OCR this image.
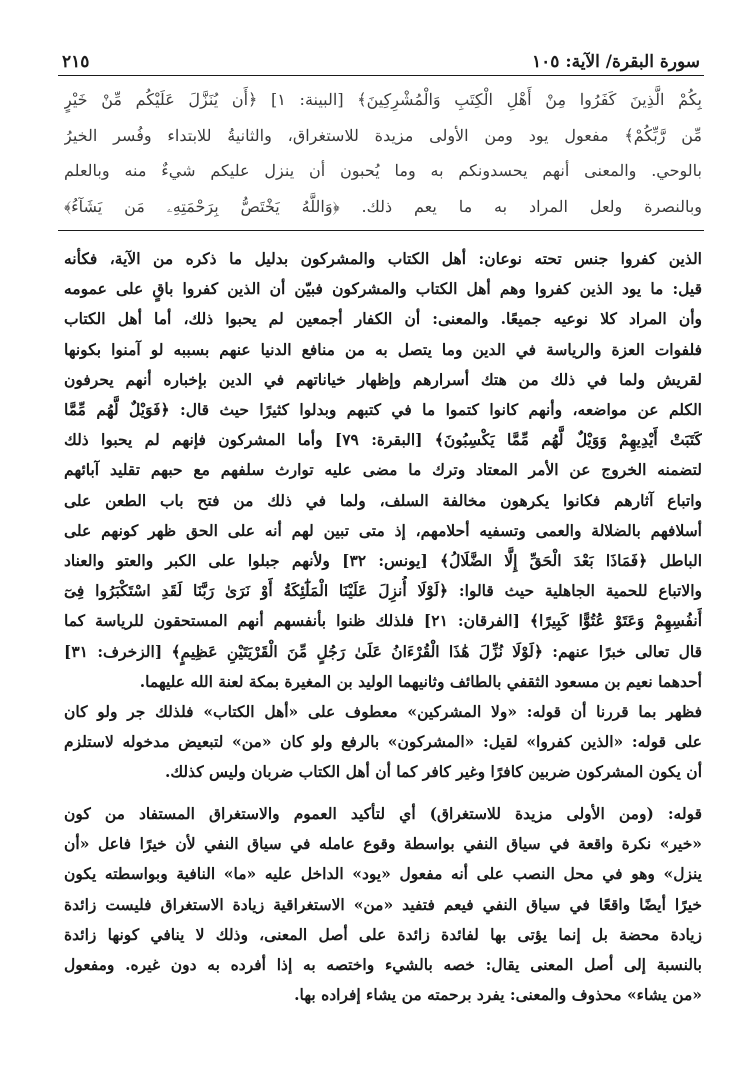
سورة البقرة/ الآية: ١٠٥
٢١٥
بِكُمْ الَّذِينَ كَفَرُوا مِنْ أَهْلِ الْكِتَبِ وَالْمُشْرِكِينَ﴾ [البينة: ١] ﴿أَن يُنَزَّلَ عَلَيْكُم مِّنْ خَيْرٍ
مِّن رَّبِّكُمْ﴾ مفعول يود ومن الأولى مزيدة للاستغراق، والثانيةُ للابتداء وفُسر الخيرُ
بالوحي. والمعنى أنهم يحسدونكم به وما يُحبون أن ينزل عليكم شيءٌ منه وبالعلم
وبالنصرة ولعل المراد به ما يعم ذلك. ﴿وَاللَّهُ يَخْتَصُّ بِرَحْمَتِهِۦ مَن يَشَآءُ﴾
الذين كفروا جنس تحته نوعان: أهل الكتاب والمشركون بدليل ما ذكره من الآية، فكأنه
قيل: ما يود الذين كفروا وهم أهل الكتاب والمشركون فبيّن أن الذين كفروا باقٍ على عمومه
وأن المراد كلا نوعيه جميعًا. والمعنى: أن الكفار أجمعين لم يحبوا ذلك، أما أهل الكتاب
فلفوات العزة والرياسة في الدين وما يتصل به من منافع الدنيا عنهم بسببه لو آمنوا بكونها
لقريش ولما في ذلك من هتك أسرارهم وإظهار خياناتهم في الدين بإخباره أنهم يحرفون
الكلم عن مواضعه، وأنهم كانوا كتموا ما في كتبهم وبدلوا كثيرًا حيث قال: ﴿فَوَيْلٌ لَّهُم مِّمَّا
كَتَبَتْ أَيْدِيهِمْ وَوَيْلٌ لَّهُم مِّمَّا يَكْسِبُونَ﴾ [البقرة: ٧٩] وأما المشركون فإنهم لم يحبوا ذلك
لتضمنه الخروج عن الأمر المعتاد وترك ما مضى عليه توارث سلفهم مع حبهم تقليد آبائهم
واتباع آثارهم فكانوا يكرهون مخالفة السلف، ولما في ذلك من فتح باب الطعن على
أسلافهم بالضلالة والعمى وتسفيه أحلامهم، إذ متى تبين لهم أنه على الحق ظهر كونهم على
الباطل ﴿فَمَاذَا بَعْدَ الْحَقِّ إِلَّا الضَّلَالُ﴾ [يونس: ٣٢] ولأنهم جبلوا على الكبر والعتو والعناد
والاتباع للحمية الجاهلية حيث قالوا: ﴿لَوْلَا أُنزِلَ عَلَيْنَا الْمَلَٰٓئِكَةُ أَوْ نَرَىٰ رَبَّنَا لَقَدِ اسْتَكْبَرُوا فِىٓ
أَنفُسِهِمْ وَعَتَوْ عُتُوًّا كَبِيرًا﴾ [الفرقان: ٢١] فلذلك ظنوا بأنفسهم أنهم المستحقون للرياسة كما
قال تعالى خبرًا عنهم: ﴿لَوْلَا نُزِّلَ هَٰذَا الْقُرْءَانُ عَلَىٰ رَجُلٍ مِّنَ الْقَرْيَتَيْنِ عَظِيمٍ﴾ [الزخرف: ٣١]
أحدهما نعيم بن مسعود الثقفي بالطائف وثانيهما الوليد بن المغيرة بمكة لعنة الله عليهما.
فظهر بما قررنا أن قوله: «ولا المشركين» معطوف على «أهل الكتاب» فلذلك جر ولو كان
على قوله: «الذين كفروا» لقيل: «المشركون» بالرفع ولو كان «من» لتبعيض مدخوله لاستلزم
أن يكون المشركون ضربين كافرًا وغير كافر كما أن أهل الكتاب ضربان وليس كذلك.
قوله: (ومن الأولى مزيدة للاستغراق) أي لتأكيد العموم والاستغراق المستفاد من كون
«خير» نكرة واقعة في سياق النفي بواسطة وقوع عامله في سياق النفي لأن خيرًا فاعل «أن
ينزل» وهو في محل النصب على أنه مفعول «يود» الداخل عليه «ما» النافية وبواسطته يكون
خيرًا أيضًا واقعًا في سياق النفي فيعم فتفيد «من» الاستغراقية زيادة الاستغراق فليست زائدة
زيادة محضة بل إنما يؤتى بها لفائدة زائدة على أصل المعنى، وذلك لا ينافي كونها زائدة
بالنسبة إلى أصل المعنى يقال: خصه بالشيء واختصه به إذا أفرده به دون غيره. ومفعول
«من يشاء» محذوف والمعنى: يفرد برحمته من يشاء إفراده بها.
